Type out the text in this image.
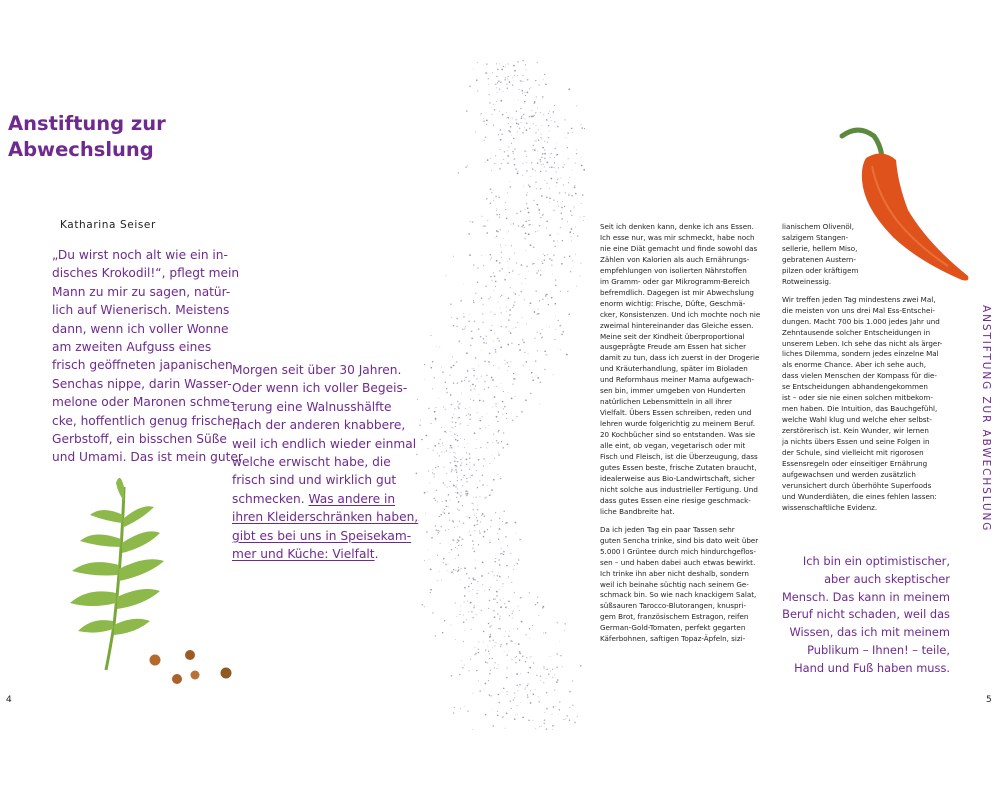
Anstiftung zur
Abwechslung
Katharina Seiser
„Du wirst noch alt wie ein in-
disches Krokodil!“, pflegt mein
Mann zu mir zu sagen, natür-
lich auf Wienerisch. Meistens
dann, wenn ich voller Wonne
am zweiten Aufguss eines
frisch geöffneten japanischen
Senchas nippe, darin Wasser-
melone oder Maronen schme-
cke, hoffentlich genug frischen
Gerbstoff, ein bisschen Süße
und Umami. Das ist mein guter
Morgen seit über 30 Jahren.
Oder wenn ich voller Begeis-
terung eine Walnusshälfte
nach der anderen knabbere,
weil ich endlich wieder einmal
welche erwischt habe, die
frisch sind und wirklich gut
schmecken. Was andere in
ihren Kleiderschränken haben,
gibt es bei uns in Speisekam-
mer und Küche: Vielfalt.
4
Seit ich denken kann, denke ich ans Essen.
Ich esse nur, was mir schmeckt, habe noch
nie eine Diät gemacht und finde sowohl das
Zählen von Kalorien als auch Ernährungs-
empfehlungen von isolierten Nährstoffen
im Gramm- oder gar Mikrogramm-Bereich
befremdlich. Dagegen ist mir Abwechslung
enorm wichtig: Frische, Düfte, Geschmä-
cker, Konsistenzen. Und ich mochte noch nie
zweimal hintereinander das Gleiche essen.
Meine seit der Kindheit überproportional
ausgeprägte Freude am Essen hat sicher
damit zu tun, dass ich zuerst in der Drogerie
und Kräuterhandlung, später im Bioladen
und Reformhaus meiner Mama aufgewach-
sen bin, immer umgeben von Hunderten
natürlichen Lebensmitteln in all ihrer
Vielfalt. Übers Essen schreiben, reden und
lehren wurde folgerichtig zu meinem Beruf.
20 Kochbücher sind so entstanden. Was sie
alle eint, ob vegan, vegetarisch oder mit
Fisch und Fleisch, ist die Überzeugung, dass
gutes Essen beste, frische Zutaten braucht,
idealerweise aus Bio-Landwirtschaft, sicher
nicht solche aus industrieller Fertigung. Und
dass gutes Essen eine riesige geschmack-
liche Bandbreite hat.
Da ich jeden Tag ein paar Tassen sehr
guten Sencha trinke, sind bis dato weit über
5.000 l Grüntee durch mich hindurchgeflos-
sen – und haben dabei auch etwas bewirkt.
Ich trinke ihn aber nicht deshalb, sondern
weil ich beinahe süchtig nach seinem Ge-
schmack bin. So wie nach knackigem Salat,
süßsauren Tarocco-Blutorangen, knuspri-
gem Brot, französischem Estragon, reifen
German-Gold-Tomaten, perfekt gegarten
Käferbohnen, saftigen Topaz-Äpfeln, sizi-
lianischem Olivenöl,
salzigem Stangen-
sellerie, hellem Miso,
gebratenen Austern-
pilzen oder kräftigem
Rotweinessig.
Wir treffen jeden Tag mindestens zwei Mal,
die meisten von uns drei Mal Ess-Entschei-
dungen. Macht 700 bis 1.000 jedes Jahr und
Zehntausende solcher Entscheidungen in
unserem Leben. Ich sehe das nicht als ärger-
liches Dilemma, sondern jedes einzelne Mal
als enorme Chance. Aber ich sehe auch,
dass vielen Menschen der Kompass für die-
se Entscheidungen abhandengekommen
ist – oder sie nie einen solchen mitbekom-
men haben. Die Intuition, das Bauchgefühl,
welche Wahl klug und welche eher selbst-
zerstörerisch ist. Kein Wunder, wir lernen
ja nichts übers Essen und seine Folgen in
der Schule, sind vielleicht mit rigorosen
Essensregeln oder einseitiger Ernährung
aufgewachsen und werden zusätzlich
verunsichert durch überhöhte Superfoods
und Wunderdiäten, die eines fehlen lassen:
wissenschaftliche Evidenz.
Ich bin ein optimistischer,
aber auch skeptischer
Mensch. Das kann in meinem
Beruf nicht schaden, weil das
Wissen, das ich mit meinem
Publikum – Ihnen! – teile,
Hand und Fuß haben muss.
ANSTIFTUNG ZUR ABWECHSLUNG
5
